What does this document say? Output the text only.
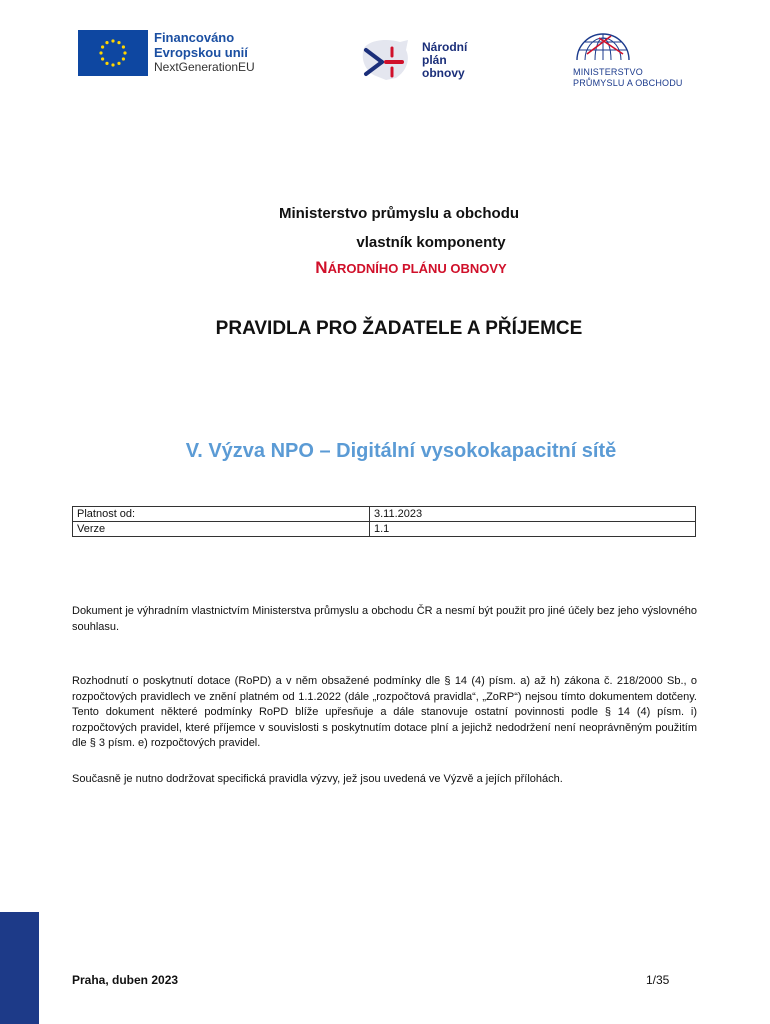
Financováno
Evropskou unií
NextGenerationEU
Národní
plán
obnovy	MINISTERSTVO
PRŮMYSLU A OBCHODU
Ministerstvo průmyslu a obchodu
vlastník komponenty
NÁRODNÍHO PLÁNU OBNOVY
PRAVIDLA PRO ŽADATELE A PŘÍJEMCE
V. Výzva NPO – Digitální vysokokapacitní sítě
Platnost od:	3.11.2023
Verze	1.1
Dokument je výhradním vlastnictvím Ministerstva průmyslu a obchodu ČR a nesmí být použit pro jiné účely bez jeho výslovného souhlasu.
Rozhodnutí o poskytnutí dotace (RoPD) a v něm obsažené podmínky dle § 14 (4) písm. a) až h) zákona č. 218/2000 Sb., o rozpočtových pravidlech ve znění platném od 1.1.2022 (dále „rozpočtová pravidla“, „ZoRP“) nejsou tímto dokumentem dotčeny. Tento dokument některé podmínky RoPD blíže upřesňuje a dále stanovuje ostatní povinnosti podle § 14 (4) písm. i) rozpočtových pravidel, které příjemce v souvislosti s poskytnutím dotace plní a jejichž nedodržení není neoprávněným použitím dle § 3 písm. e) rozpočtových pravidel.
Současně je nutno dodržovat specifická pravidla výzvy, jež jsou uvedená ve Výzvě a jejích přílohách.
Praha, duben 2023	1/35
